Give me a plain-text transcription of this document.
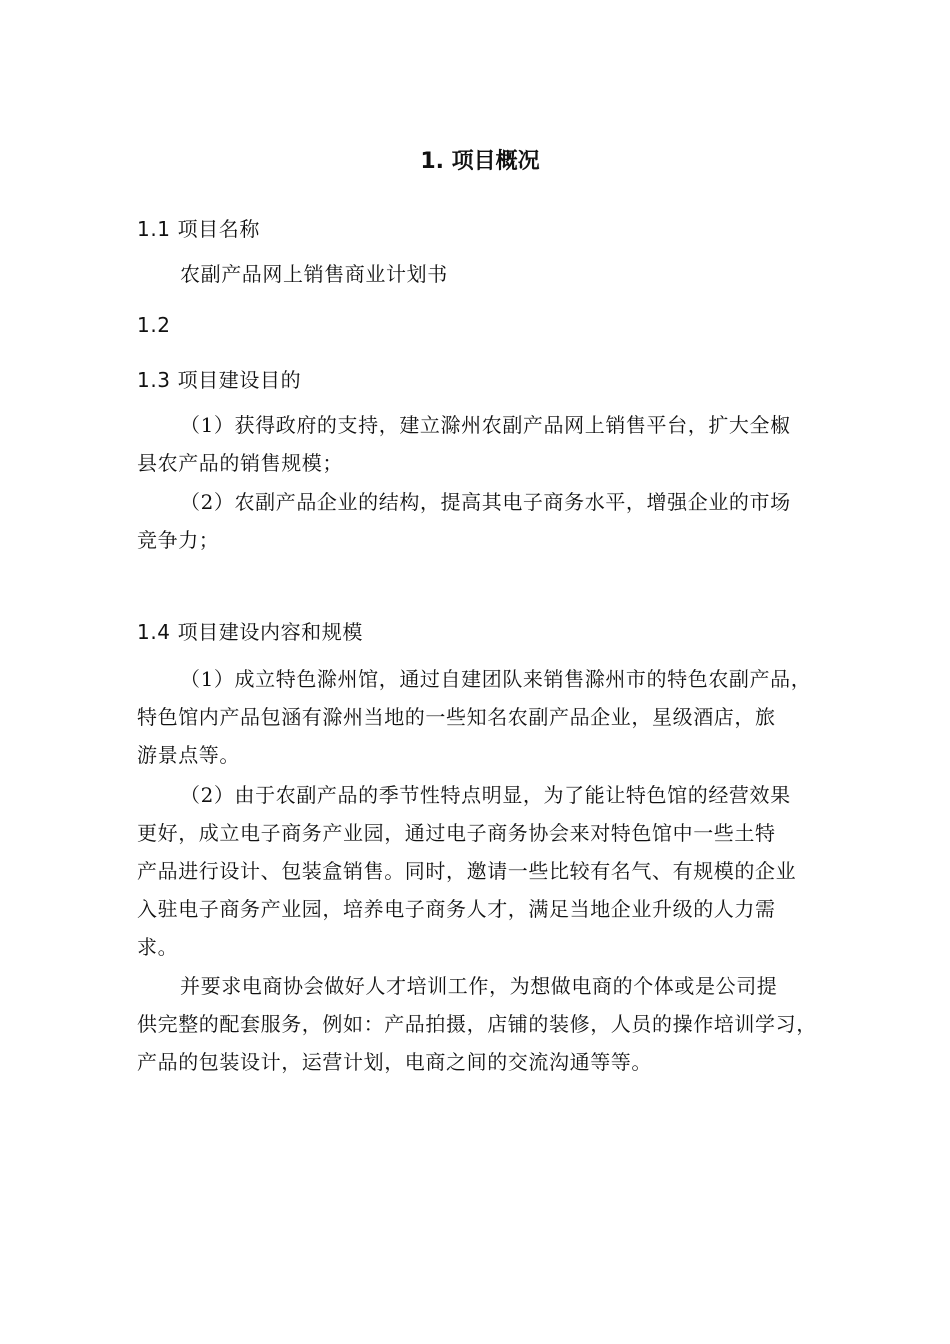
1. 项目概况
1.1 项目名称
农副产品网上销售商业计划书
1.2
1.3 项目建设目的
（1）获得政府的支持，建立滁州农副产品网上销售平台，扩大全椒
县农产品的销售规模；
（2）农副产品企业的结构，提高其电子商务水平，增强企业的市场
竞争力；
1.4 项目建设内容和规模
（1）成立特色滁州馆，通过自建团队来销售滁州市的特色农副产品，
特色馆内产品包涵有滁州当地的一些知名农副产品企业，星级酒店，旅
游景点等。
（2）由于农副产品的季节性特点明显，为了能让特色馆的经营效果
更好，成立电子商务产业园，通过电子商务协会来对特色馆中一些土特
产品进行设计、包装盒销售。同时，邀请一些比较有名气、有规模的企业
入驻电子商务产业园，培养电子商务人才，满足当地企业升级的人力需
求。
并要求电商协会做好人才培训工作，为想做电商的个体或是公司提
供完整的配套服务，例如：产品拍摄，店铺的装修，人员的操作培训学习，
产品的包装设计，运营计划，电商之间的交流沟通等等。
